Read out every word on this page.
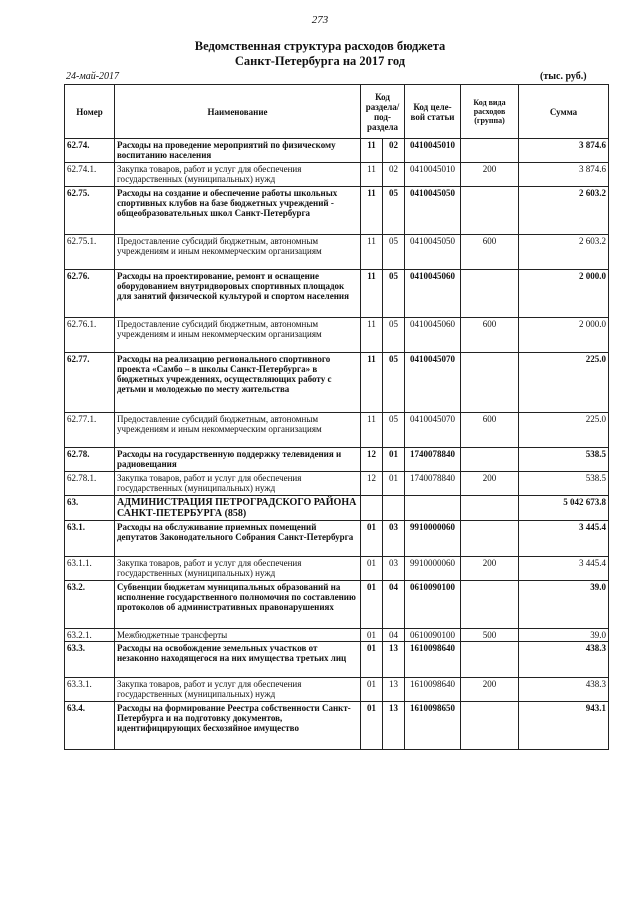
273
Ведомственная структура расходов бюджета
Санкт-Петербурга на 2017 год
24-май-2017	(тыс. руб.)
Номер	Наименование	Код раздела/ под-раздела		Код целе-вой статьи	Код вида расходов (группа)	Сумма
62.74.	Расходы на проведение мероприятий по физическому воспитанию населения	11	02	0410045010		3 874.6
62.74.1.	Закупка товаров, работ и услуг для обеспечения государственных (муниципальных) нужд	11	02	0410045010	200	3 874.6
62.75.	Расходы на создание и обеспечение работы школьных спортивных клубов на базе бюджетных учреждений - общеобразовательных школ Санкт-Петербурга	11	05	0410045050		2 603.2
62.75.1.	Предоставление субсидий бюджетным, автономным учреждениям и иным некоммерческим организациям	11	05	0410045050	600	2 603.2
62.76.	Расходы на проектирование, ремонт и оснащение оборудованием внутридворовых спортивных площадок для занятий физической культурой и спортом населения	11	05	0410045060		2 000.0
62.76.1.	Предоставление субсидий бюджетным, автономным учреждениям и иным некоммерческим организациям	11	05	0410045060	600	2 000.0
62.77.	Расходы на реализацию регионального спортивного проекта «Самбо – в школы Санкт-Петербурга» в бюджетных учреждениях, осуществляющих работу с детьми и молодежью по месту жительства	11	05	0410045070		225.0
62.77.1.	Предоставление субсидий бюджетным, автономным учреждениям и иным некоммерческим организациям	11	05	0410045070	600	225.0
62.78.	Расходы на государственную поддержку телевидения и радиовещания	12	01	1740078840		538.5
62.78.1.	Закупка товаров, работ и услуг для обеспечения государственных (муниципальных) нужд	12	01	1740078840	200	538.5
63.	АДМИНИСТРАЦИЯ ПЕТРОГРАДСКОГО РАЙОНА САНКТ-ПЕТЕРБУРГА (858)					5 042 673.8
63.1.	Расходы на обслуживание приемных помещений депутатов Законодательного Собрания Санкт-Петербурга	01	03	9910000060		3 445.4
63.1.1.	Закупка товаров, работ и услуг для обеспечения государственных (муниципальных) нужд	01	03	9910000060	200	3 445.4
63.2.	Субвенции бюджетам муниципальных образований на исполнение государственного полномочия по составлению протоколов об административных правонарушениях	01	04	0610090100		39.0
63.2.1.	Межбюджетные трансферты	01	04	0610090100	500	39.0
63.3.	Расходы на освобождение земельных участков от незаконно находящегося на них имущества третьих лиц	01	13	1610098640		438.3
63.3.1.	Закупка товаров, работ и услуг для обеспечения государственных (муниципальных) нужд	01	13	1610098640	200	438.3
63.4.	Расходы на формирование Реестра собственности Санкт-Петербурга и на подготовку документов, идентифицирующих бесхозяйное имущество	01	13	1610098650		943.1
